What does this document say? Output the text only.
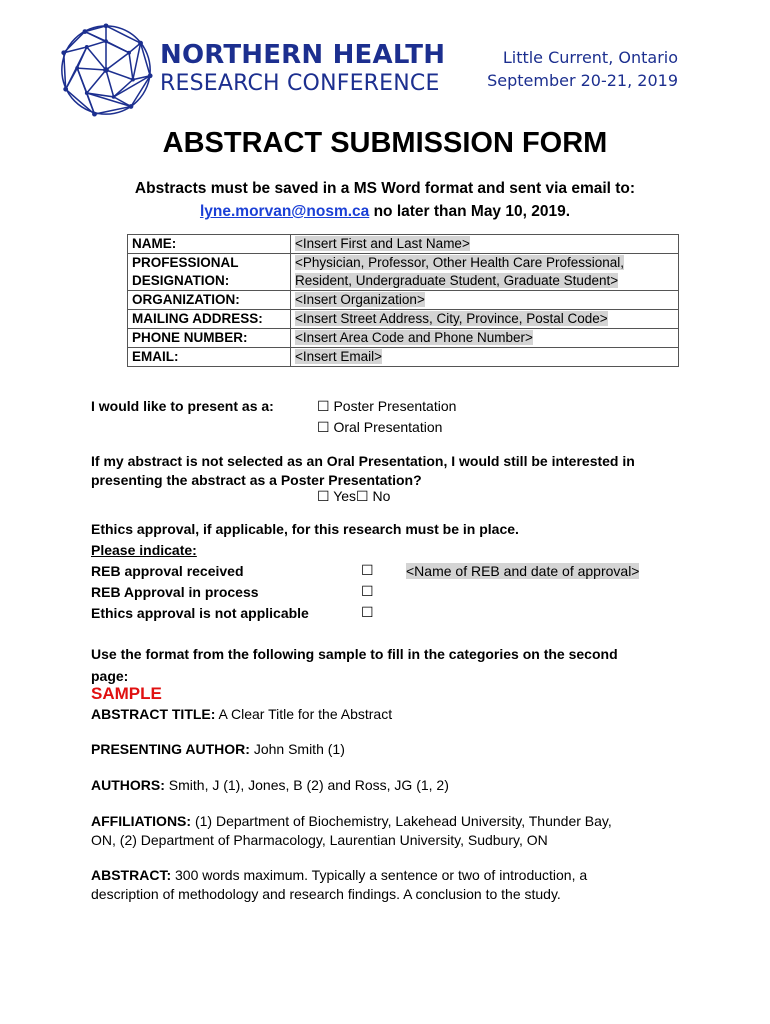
NORTHERN HEALTH
RESEARCH CONFERENCE
Little Current, Ontario
September 20-21, 2019
ABSTRACT SUBMISSION FORM
Abstracts must be saved in a MS Word format and sent via email to:
lyne.morvan@nosm.ca no later than May 10, 2019.
NAME:	<Insert First and Last Name>
PROFESSIONAL DESIGNATION:	<Physician, Professor, Other Health Care Professional,
Resident, Undergraduate Student, Graduate Student>
ORGANIZATION:	<Insert Organization>
MAILING ADDRESS:	<Insert Street Address, City, Province, Postal Code>
PHONE NUMBER:	<Insert Area Code and Phone Number>
EMAIL:	<Insert Email>
I would like to present as a:	☐ Poster Presentation
☐ Oral Presentation
If my abstract is not selected as an Oral Presentation, I would still be interested in
presenting the abstract as a Poster Presentation?
☐ Yes☐ No
Ethics approval, if applicable, for this research must be in place.
Please indicate:
REB approval received	☐ <Name of REB and date of approval>
REB Approval in process	☐
Ethics approval is not applicable	☐
Use the format from the following sample to fill in the categories on the second
page:
SAMPLE
ABSTRACT TITLE: A Clear Title for the Abstract
PRESENTING AUTHOR: John Smith (1)
AUTHORS: Smith, J (1), Jones, B (2) and Ross, JG (1, 2)
AFFILIATIONS: (1) Department of Biochemistry, Lakehead University, Thunder Bay,
ON, (2) Department of Pharmacology, Laurentian University, Sudbury, ON
ABSTRACT: 300 words maximum. Typically a sentence or two of introduction, a
description of methodology and research findings. A conclusion to the study.
